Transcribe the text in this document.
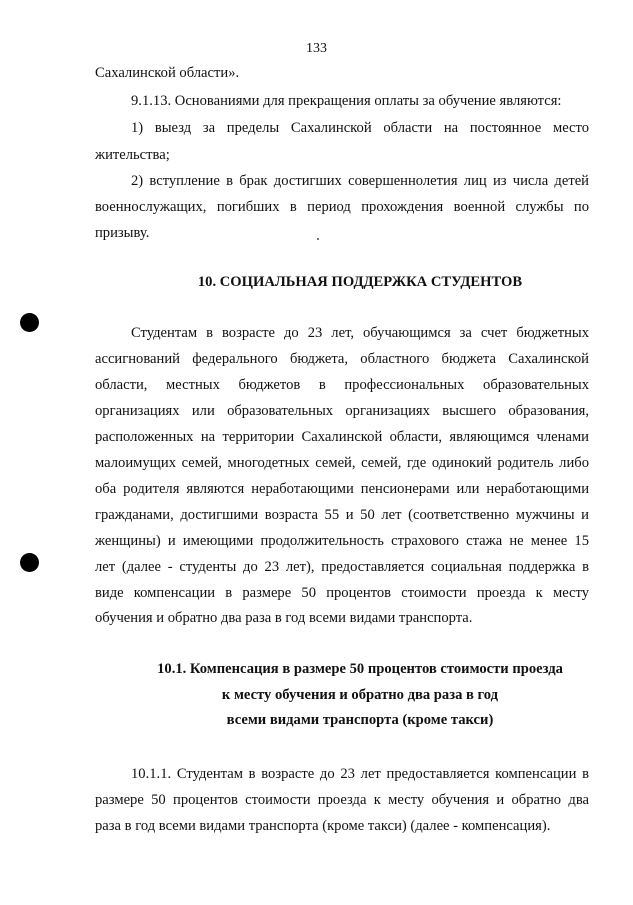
133
Сахалинской области».
9.1.13. Основаниями для прекращения оплаты за обучение являются:
1) выезд за пределы Сахалинской области на постоянное место
жительства;
2) вступление в брак достигших совершеннолетия лиц из числа детей
военнослужащих, погибших в период прохождения военной службы по
призыву.
10. СОЦИАЛЬНАЯ ПОДДЕРЖКА СТУДЕНТОВ
Студентам в возрасте до 23 лет, обучающимся за счет бюджетных
ассигнований федерального бюджета, областного бюджета Сахалинской
области, местных бюджетов в профессиональных образовательных
организациях или образовательных организациях высшего образования,
расположенных на территории Сахалинской области, являющимся членами
малоимущих семей, многодетных семей, семей, где одинокий родитель либо
оба родителя являются неработающими пенсионерами или неработающими
гражданами, достигшими возраста 55 и 50 лет (соответственно мужчины и
женщины) и имеющими продолжительность страхового стажа не менее 15
лет (далее - студенты до 23 лет), предоставляется социальная поддержка в
виде компенсации в размере 50 процентов стоимости проезда к месту
обучения и обратно два раза в год всеми видами транспорта.
10.1. Компенсация в размере 50 процентов стоимости проезда
к месту обучения и обратно два раза в год
всеми видами транспорта (кроме такси)
10.1.1. Студентам в возрасте до 23 лет предоставляется компенсации в
размере 50 процентов стоимости проезда к месту обучения и обратно два
раза в год всеми видами транспорта (кроме такси) (далее - компенсация).
